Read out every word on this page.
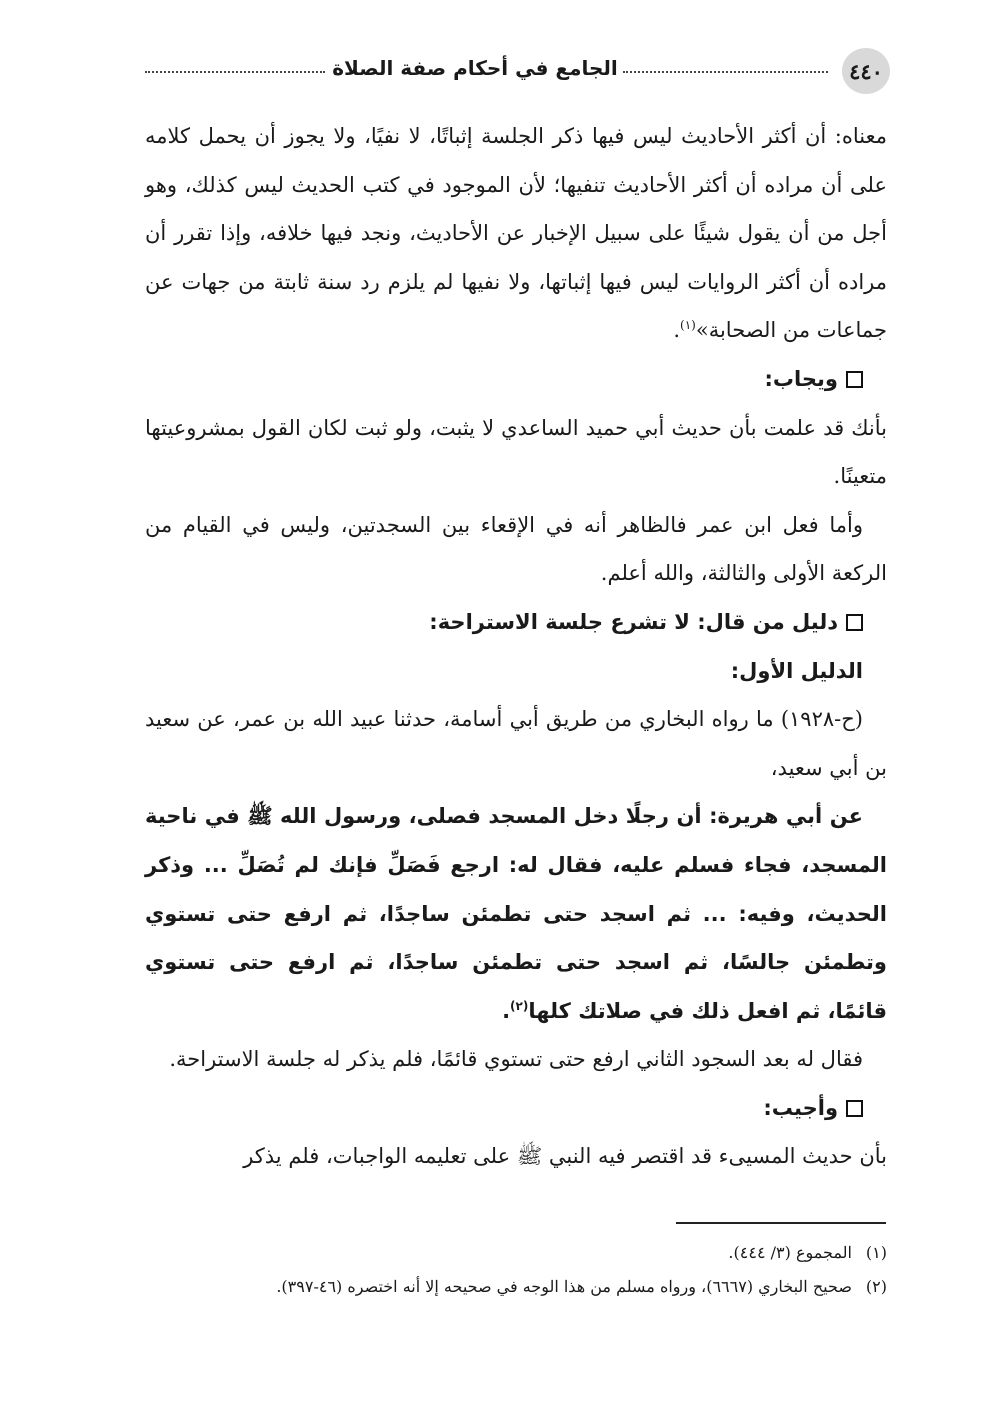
الجامع في أحكام صفة الصلاة	٤٤٠

معناه: أن أكثر الأحاديث ليس فيها ذكر الجلسة إثباتًا، لا نفيًا، ولا يجوز أن يحمل كلامه على أن مراده أن أكثر الأحاديث تنفيها؛ لأن الموجود في كتب الحديث ليس كذلك، وهو أجل من أن يقول شيئًا على سبيل الإخبار عن الأحاديث، ونجد فيها خلافه، وإذا تقرر أن مراده أن أكثر الروايات ليس فيها إثباتها، ولا نفيها لم يلزم رد سنة ثابتة من جهات عن جماعات من الصحابة»$^{(١)}$.

ويجاب:

بأنك قد علمت بأن حديث أبي حميد الساعدي لا يثبت، ولو ثبت لكان القول بمشروعيتها متعينًا.

وأما فعل ابن عمر فالظاهر أنه في الإقعاء بين السجدتين، وليس في القيام من الركعة الأولى والثالثة، والله أعلم.

دليل من قال: لا تشرع جلسة الاستراحة:

الدليل الأول:

(ح-١٩٢٨) ما رواه البخاري من طريق أبي أسامة، حدثنا عبيد الله بن عمر، عن سعيد بن أبي سعيد،

عن أبي هريرة: أن رجلًا دخل المسجد فصلى، ورسول الله ﷺ في ناحية المسجد، فجاء فسلم عليه، فقال له: ارجع فَصَلِّ فإنك لم تُصَلِّ ... وذكر الحديث، وفيه: ... ثم اسجد حتى تطمئن ساجدًا، ثم ارفع حتى تستوي وتطمئن جالسًا، ثم اسجد حتى تطمئن ساجدًا، ثم ارفع حتى تستوي قائمًا، ثم افعل ذلك في صلاتك كلها$^{(٢)}$.

فقال له بعد السجود الثاني ارفع حتى تستوي قائمًا، فلم يذكر له جلسة الاستراحة.

وأجيب:

بأن حديث المسيىء قد اقتصر فيه النبي ﷺ على تعليمه الواجبات، فلم يذكر

(١)المجموع (٣/ ٤٤٤).

(٢)صحيح البخاري (٦٦٦٧)، ورواه مسلم من هذا الوجه في صحيحه إلا أنه اختصره (٤٦-٣٩٧).
